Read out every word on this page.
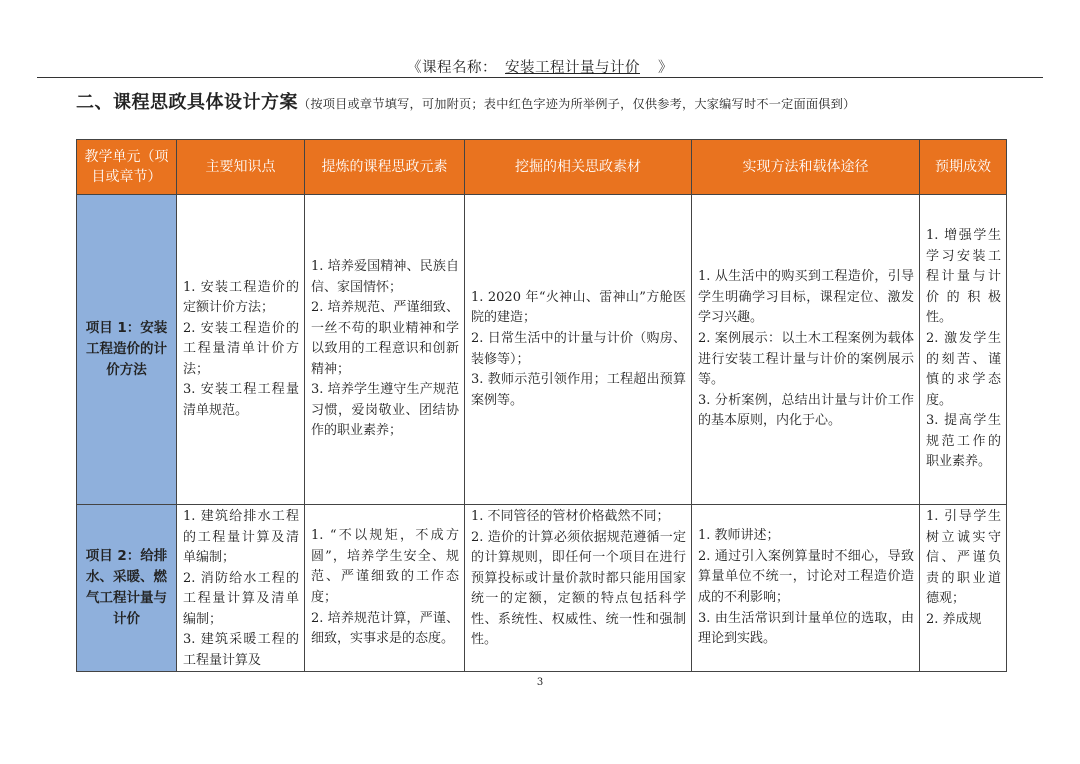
《课程名称： 安装工程计量与计价 》
二、课程思政具体设计方案（按项目或章节填写，可加附页；表中红色字迹为所举例子，仅供参考，大家编写时不一定面面俱到）
教学单元（项目或章节）	主要知识点	提炼的课程思政元素	挖掘的相关思政素材	实现方法和载体途径	预期成效
项目 1：安装工程造价的计价方法	1. 安装工程造价的定额计价方法；
2. 安装工程造价的工程量清单计价方法；
3. 安装工程工程量清单规范。	1. 培养爱国精神、民族自信、家国情怀；
2. 培养规范、严谨细致、一丝不苟的职业精神和学以致用的工程意识和创新精神；
3. 培养学生遵守生产规范习惯，爱岗敬业、团结协作的职业素养；	1. 2020 年“火神山、雷神山”方舱医院的建造；
2. 日常生活中的计量与计价（购房、装修等）；
3. 教师示范引领作用；工程超出预算案例等。	1. 从生活中的购买到工程造价，引导学生明确学习目标，课程定位、激发学习兴趣。
2. 案例展示：以土木工程案例为载体进行安装工程计量与计价的案例展示等。
3. 分析案例，总结出计量与计价工作的基本原则，内化于心。	1. 增强学生学习安装工程计量与计价的积极性。
2. 激发学生的刻苦、谨慎的求学态度。
3. 提高学生规范工作的职业素养。

项目 2：给排水、采暖、燃气工程计量与计价	1. 建筑给排水工程的工程量计算及清单编制；
2. 消防给水工程的工程量计算及清单编制；
3. 建筑采暖工程的工程量计算及	1. “不以规矩，不成方圆”，培养学生安全、规范、严谨细致的工作态度；
2. 培养规范计算，严谨、细致，实事求是的态度。	1. 不同管径的管材价格截然不同；
2. 造价的计算必须依据规范遵循一定的计算规则，即任何一个项目在进行预算投标或计量价款时都只能用国家统一的定额，定额的特点包括科学性、系统性、权威性、统一性和强制性。	1. 教师讲述；
2. 通过引入案例算量时不细心，导致算量单位不统一，讨论对工程造价造成的不利影响；
3. 由生活常识到计量单位的选取，由理论到实践。	1. 引导学生树立诚实守信、严谨负责的职业道德观；
2. 养成规
3
